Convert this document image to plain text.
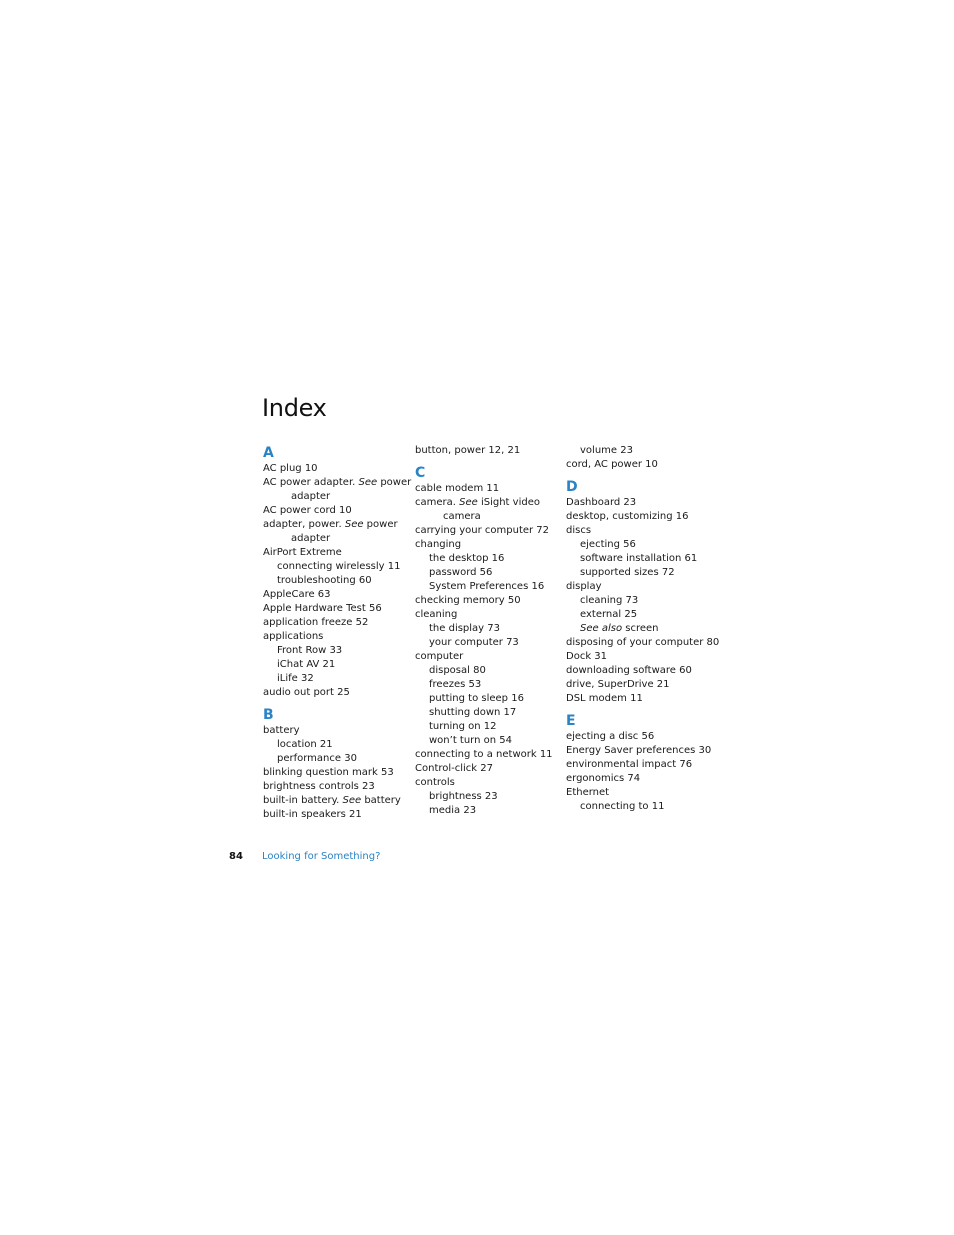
Index
A
AC plug 10
AC power adapter. See power
adapter
AC power cord 10
adapter, power. See power
adapter
AirPort Extreme
connecting wirelessly 11
troubleshooting 60
AppleCare 63
Apple Hardware Test 56
application freeze 52
applications
Front Row 33
iChat AV 21
iLife 32
audio out port 25
B
battery
location 21
performance 30
blinking question mark 53
brightness controls 23
built-in battery. See battery
built-in speakers 21
button, power 12, 21
C
cable modem 11
camera. See iSight video
camera
carrying your computer 72
changing
the desktop 16
password 56
System Preferences 16
checking memory 50
cleaning
the display 73
your computer 73
computer
disposal 80
freezes 53
putting to sleep 16
shutting down 17
turning on 12
won’t turn on 54
connecting to a network 11
Control-click 27
controls
brightness 23
media 23
volume 23
cord, AC power 10
D
Dashboard 23
desktop, customizing 16
discs
ejecting 56
software installation 61
supported sizes 72
display
cleaning 73
external 25
See also screen
disposing of your computer 80
Dock 31
downloading software 60
drive, SuperDrive 21
DSL modem 11
E
ejecting a disc 56
Energy Saver preferences 30
environmental impact 76
ergonomics 74
Ethernet
connecting to 11
84 Looking for Something?
